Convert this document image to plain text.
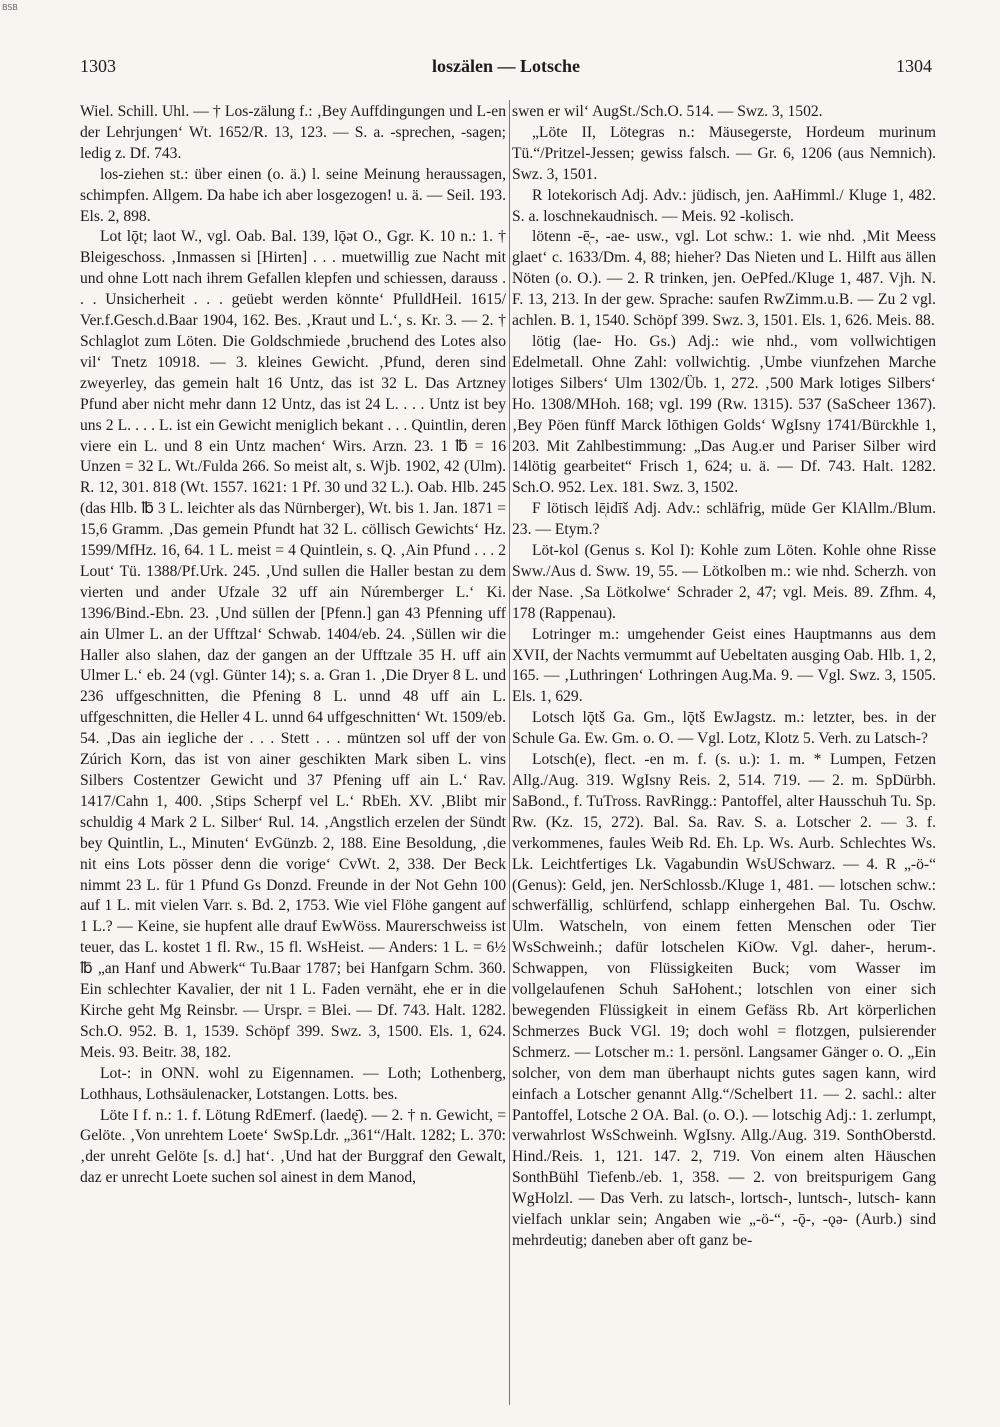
BSB
1303	loszälen — Lotsche	1304

Wiel. Schill. Uhl. — † Los-zälung f.: ‚Bey Auffdingungen und L-en der Lehrjungen‘ Wt. 1652/R. 13, 123. — S. a. -sprechen, -sagen; ledig z. Df. 743.

los-ziehen st.: über einen (o. ä.) l. seine Meinung heraussagen, schimpfen. Allgem. Da habe ich aber losgezogen! u. ä. — Seil. 193. Els. 2, 898.

Lot lǭt; laot W., vgl. Oab. Bal. 139, lǭǝt O., Ggr. K. 10 n.: 1. † Bleigeschoss. ‚Inmassen si [Hirten] . . . muetwillig zue Nacht mit und ohne Lott nach ihrem Gefallen klepfen und schiessen, darauss . . . Unsicherheit . . . geüebt werden könnte‘ PfulldHeil. 1615/ Ver.f.Gesch.d.Baar 1904, 162. Bes. ‚Kraut und L.‘, s. Kr. 3. — 2. † Schlaglot zum Löten. Die Goldschmiede ‚bruchend des Lotes also vil‘ Tnetz 10918. — 3. kleines Gewicht. ‚Pfund, deren sind zweyerley, das gemein halt 16 Untz, das ist 32 L. Das Artzney Pfund aber nicht mehr dann 12 Untz, das ist 24 L. . . . Untz ist bey uns 2 L. . . . L. ist ein Gewicht meniglich bekant . . . Quintlin, deren viere ein L. und 8 ein Untz machen‘ Wirs. Arzn. 23. 1 ℔ = 16 Unzen = 32 L. Wt./Fulda 266. So meist alt, s. Wjb. 1902, 42 (Ulm). R. 12, 301. 818 (Wt. 1557. 1621: 1 Pf. 30 und 32 L.). Oab. Hlb. 245 (das Hlb. ℔ 3 L. leichter als das Nürnberger), Wt. bis 1. Jan. 1871 = 15,6 Gramm. ‚Das gemein Pfundt hat 32 L. cöllisch Gewichts‘ Hz. 1599/MfHz. 16, 64. 1 L. meist = 4 Quintlein, s. Q. ‚Ain Pfund . . . 2 Lout‘ Tü. 1388/Pf.Urk. 245. ‚Und sullen die Haller bestan zu dem vierten und ander Ufzale 32 uff ain Núremberger L.‘ Ki. 1396/Bind.-Ebn. 23. ‚Und süllen der [Pfenn.] gan 43 Pfenning uff ain Ulmer L. an der Ufftzal‘ Schwab. 1404/eb. 24. ‚Süllen wir die Haller also slahen, daz der gangen an der Ufftzale 35 H. uff ain Ulmer L.‘ eb. 24 (vgl. Günter 14); s. a. Gran 1. ‚Die Dryer 8 L. und 236 uffgeschnitten, die Pfening 8 L. unnd 48 uff ain L. uffgeschnitten, die Heller 4 L. unnd 64 uffgeschnitten‘ Wt. 1509/eb. 54. ‚Das ain iegliche der . . . Stett . . . müntzen sol uff der von Zúrich Korn, das ist von ainer geschikten Mark siben L. vins Silbers Costentzer Gewicht und 37 Pfening uff ain L.‘ Rav. 1417/Cahn 1, 400. ‚Stips Scherpf vel L.‘ RbEh. XV. ‚Blibt mir schuldig 4 Mark 2 L. Silber‘ Rul. 14. ‚Angstlich erzelen der Sündt bey Quintlin, L., Minuten‘ EvGünzb. 2, 188. Eine Besoldung, ‚die nit eins Lots pösser denn die vorige‘ CvWt. 2, 338. Der Beck nimmt 23 L. für 1 Pfund Gs Donzd. Freunde in der Not Gehn 100 auf 1 L. mit vielen Varr. s. Bd. 2, 1753. Wie viel Flöhe gangent auf 1 L.? — Keine, sie hupfent alle drauf EwWöss. Maurerschweiss ist teuer, das L. kostet 1 fl. Rw., 15 fl. WsHeist. — Anders: 1 L. = 6½ ℔ „an Hanf und Abwerk“ Tu.Baar 1787; bei Hanfgarn Schm. 360. Ein schlechter Kavalier, der nit 1 L. Faden vernäht, ehe er in die Kirche geht Mg Reinsbr. — Urspr. = Blei. — Df. 743. Halt. 1282. Sch.O. 952. B. 1, 1539. Schöpf 399. Swz. 3, 1500. Els. 1, 624. Meis. 93. Beitr. 38, 182.

Lot-: in ONN. wohl zu Eigennamen. — Loth; Lothenberg, Lothhaus, Lothsäulenacker, Lotstangen. Lotts. bes.

Löte I f. n.: 1. f. Lötung RdEmerf. (laedę̄). — 2. † n. Gewicht, = Gelöte. ‚Von unrehtem Loete‘ SwSp.Ldr. „361“/Halt. 1282; L. 370: ‚der unreht Gelöte [s. d.] hat‘. ‚Und hat der Burggraf den Gewalt, daz er unrecht Loete suchen sol ainest in dem Manod,

swen er wil‘ AugSt./Sch.O. 514. — Swz. 3, 1502.

„Löte II, Lötegras n.: Mäusegerste, Hordeum murinum Tü.“/Pritzel-Jessen; gewiss falsch. — Gr. 6, 1206 (aus Nemnich). Swz. 3, 1501.

R lotekorisch Adj. Adv.: jüdisch, jen. AaHimml./ Kluge 1, 482. S. a. loschnekaudnisch. — Meis. 92 -kolisch.

lötenn -ē̜-, -ae- usw., vgl. Lot schw.: 1. wie nhd. ‚Mit Meess glaet‘ c. 1633/Dm. 4, 88; hieher? Das Nieten und L. Hilft aus ällen Nöten (o. O.). — 2. R trinken, jen. OePfed./Kluge 1, 487. Vjh. N. F. 13, 213. In der gew. Sprache: saufen RwZimm.u.B. — Zu 2 vgl. achlen. B. 1, 1540. Schöpf 399. Swz. 3, 1501. Els. 1, 626. Meis. 88.

lötig (lae- Ho. Gs.) Adj.: wie nhd., vom vollwichtigen Edelmetall. Ohne Zahl: vollwichtig. ‚Umbe viunfzehen Marche lotiges Silbers‘ Ulm 1302/Üb. 1, 272. ‚500 Mark lotiges Silbers‘ Ho. 1308/MHoh. 168; vgl. 199 (Rw. 1315). 537 (SaScheer 1367). ‚Bey Pöen fünff Marck lōthigen Golds‘ WgIsny 1741/Bürckhle 1, 203. Mit Zahlbestimmung: „Das Aug.er und Pariser Silber wird 14lötig gearbeitet“ Frisch 1, 624; u. ä. — Df. 743. Halt. 1282. Sch.O. 952. Lex. 181. Swz. 3, 1502.

F lötisch lē̜idīš Adj. Adv.: schläfrig, müde Ger KlAllm./Blum. 23. — Etym.?

Löt-kol (Genus s. Kol I): Kohle zum Löten. Kohle ohne Risse Sww./Aus d. Sww. 19, 55. — Lötkolben m.: wie nhd. Scherzh. von der Nase. ‚Sa Lötkolwe‘ Schrader 2, 47; vgl. Meis. 89. Zfhm. 4, 178 (Rappenau).

Lotringer m.: umgehender Geist eines Hauptmanns aus dem XVII, der Nachts vermummt auf Uebeltaten ausging Oab. Hlb. 1, 2, 165. — ‚Luthringen‘ Lothringen Aug.Ma. 9. — Vgl. Swz. 3, 1505. Els. 1, 629.

Lotsch lǭtš Ga. Gm., lǭtš EwJagstz. m.: letzter, bes. in der Schule Ga. Ew. Gm. o. O. — Vgl. Lotz, Klotz 5. Verh. zu Latsch-?

Lotsch(e), flect. -en m. f. (s. u.): 1. m. * Lumpen, Fetzen Allg./Aug. 319. WgIsny Reis. 2, 514. 719. — 2. m. SpDürbh. SaBond., f. TuTross. RavRingg.: Pantoffel, alter Hausschuh Tu. Sp. Rw. (Kz. 15, 272). Bal. Sa. Rav. S. a. Lotscher 2. — 3. f. verkommenes, faules Weib Rd. Eh. Lp. Ws. Aurb. Schlechtes Ws. Lk. Leichtfertiges Lk. Vagabundin WsUSchwarz. — 4. R „-ö-“ (Genus): Geld, jen. NerSchlossb./Kluge 1, 481. — lotschen schw.: schwerfällig, schlürfend, schlapp einhergehen Bal. Tu. Oschw. Ulm. Watscheln, von einem fetten Menschen oder Tier WsSchweinh.; dafür lotschelen KiOw. Vgl. daher-, herum-. Schwappen, von Flüssigkeiten Buck; vom Wasser im vollgelaufenen Schuh SaHohent.; lotschlen von einer sich bewegenden Flüssigkeit in einem Gefäss Rb. Art körperlichen Schmerzes Buck VGl. 19; doch wohl = flotzgen, pulsierender Schmerz. — Lotscher m.: 1. persönl. Langsamer Gänger o. O. „Ein solcher, von dem man überhaupt nichts gutes sagen kann, wird einfach a Lotscher genannt Allg.“/Schelbert 11. — 2. sachl.: alter Pantoffel, Lotsche 2 OA. Bal. (o. O.). — lotschig Adj.: 1. zerlumpt, verwahrlost WsSchweinh. WgIsny. Allg./Aug. 319. SonthOberstd. Hind./Reis. 1, 121. 147. 2, 719. Von einem alten Häuschen SonthBühl Tiefenb./eb. 1, 358. — 2. von breitspurigem Gang WgHolzl. — Das Verh. zu latsch-, lortsch-, luntsch-, lutsch- kann vielfach unklar sein; Angaben wie „-ö-“, -ǭ-, -ǫǝ- (Aurb.) sind mehrdeutig; daneben aber oft ganz be-
